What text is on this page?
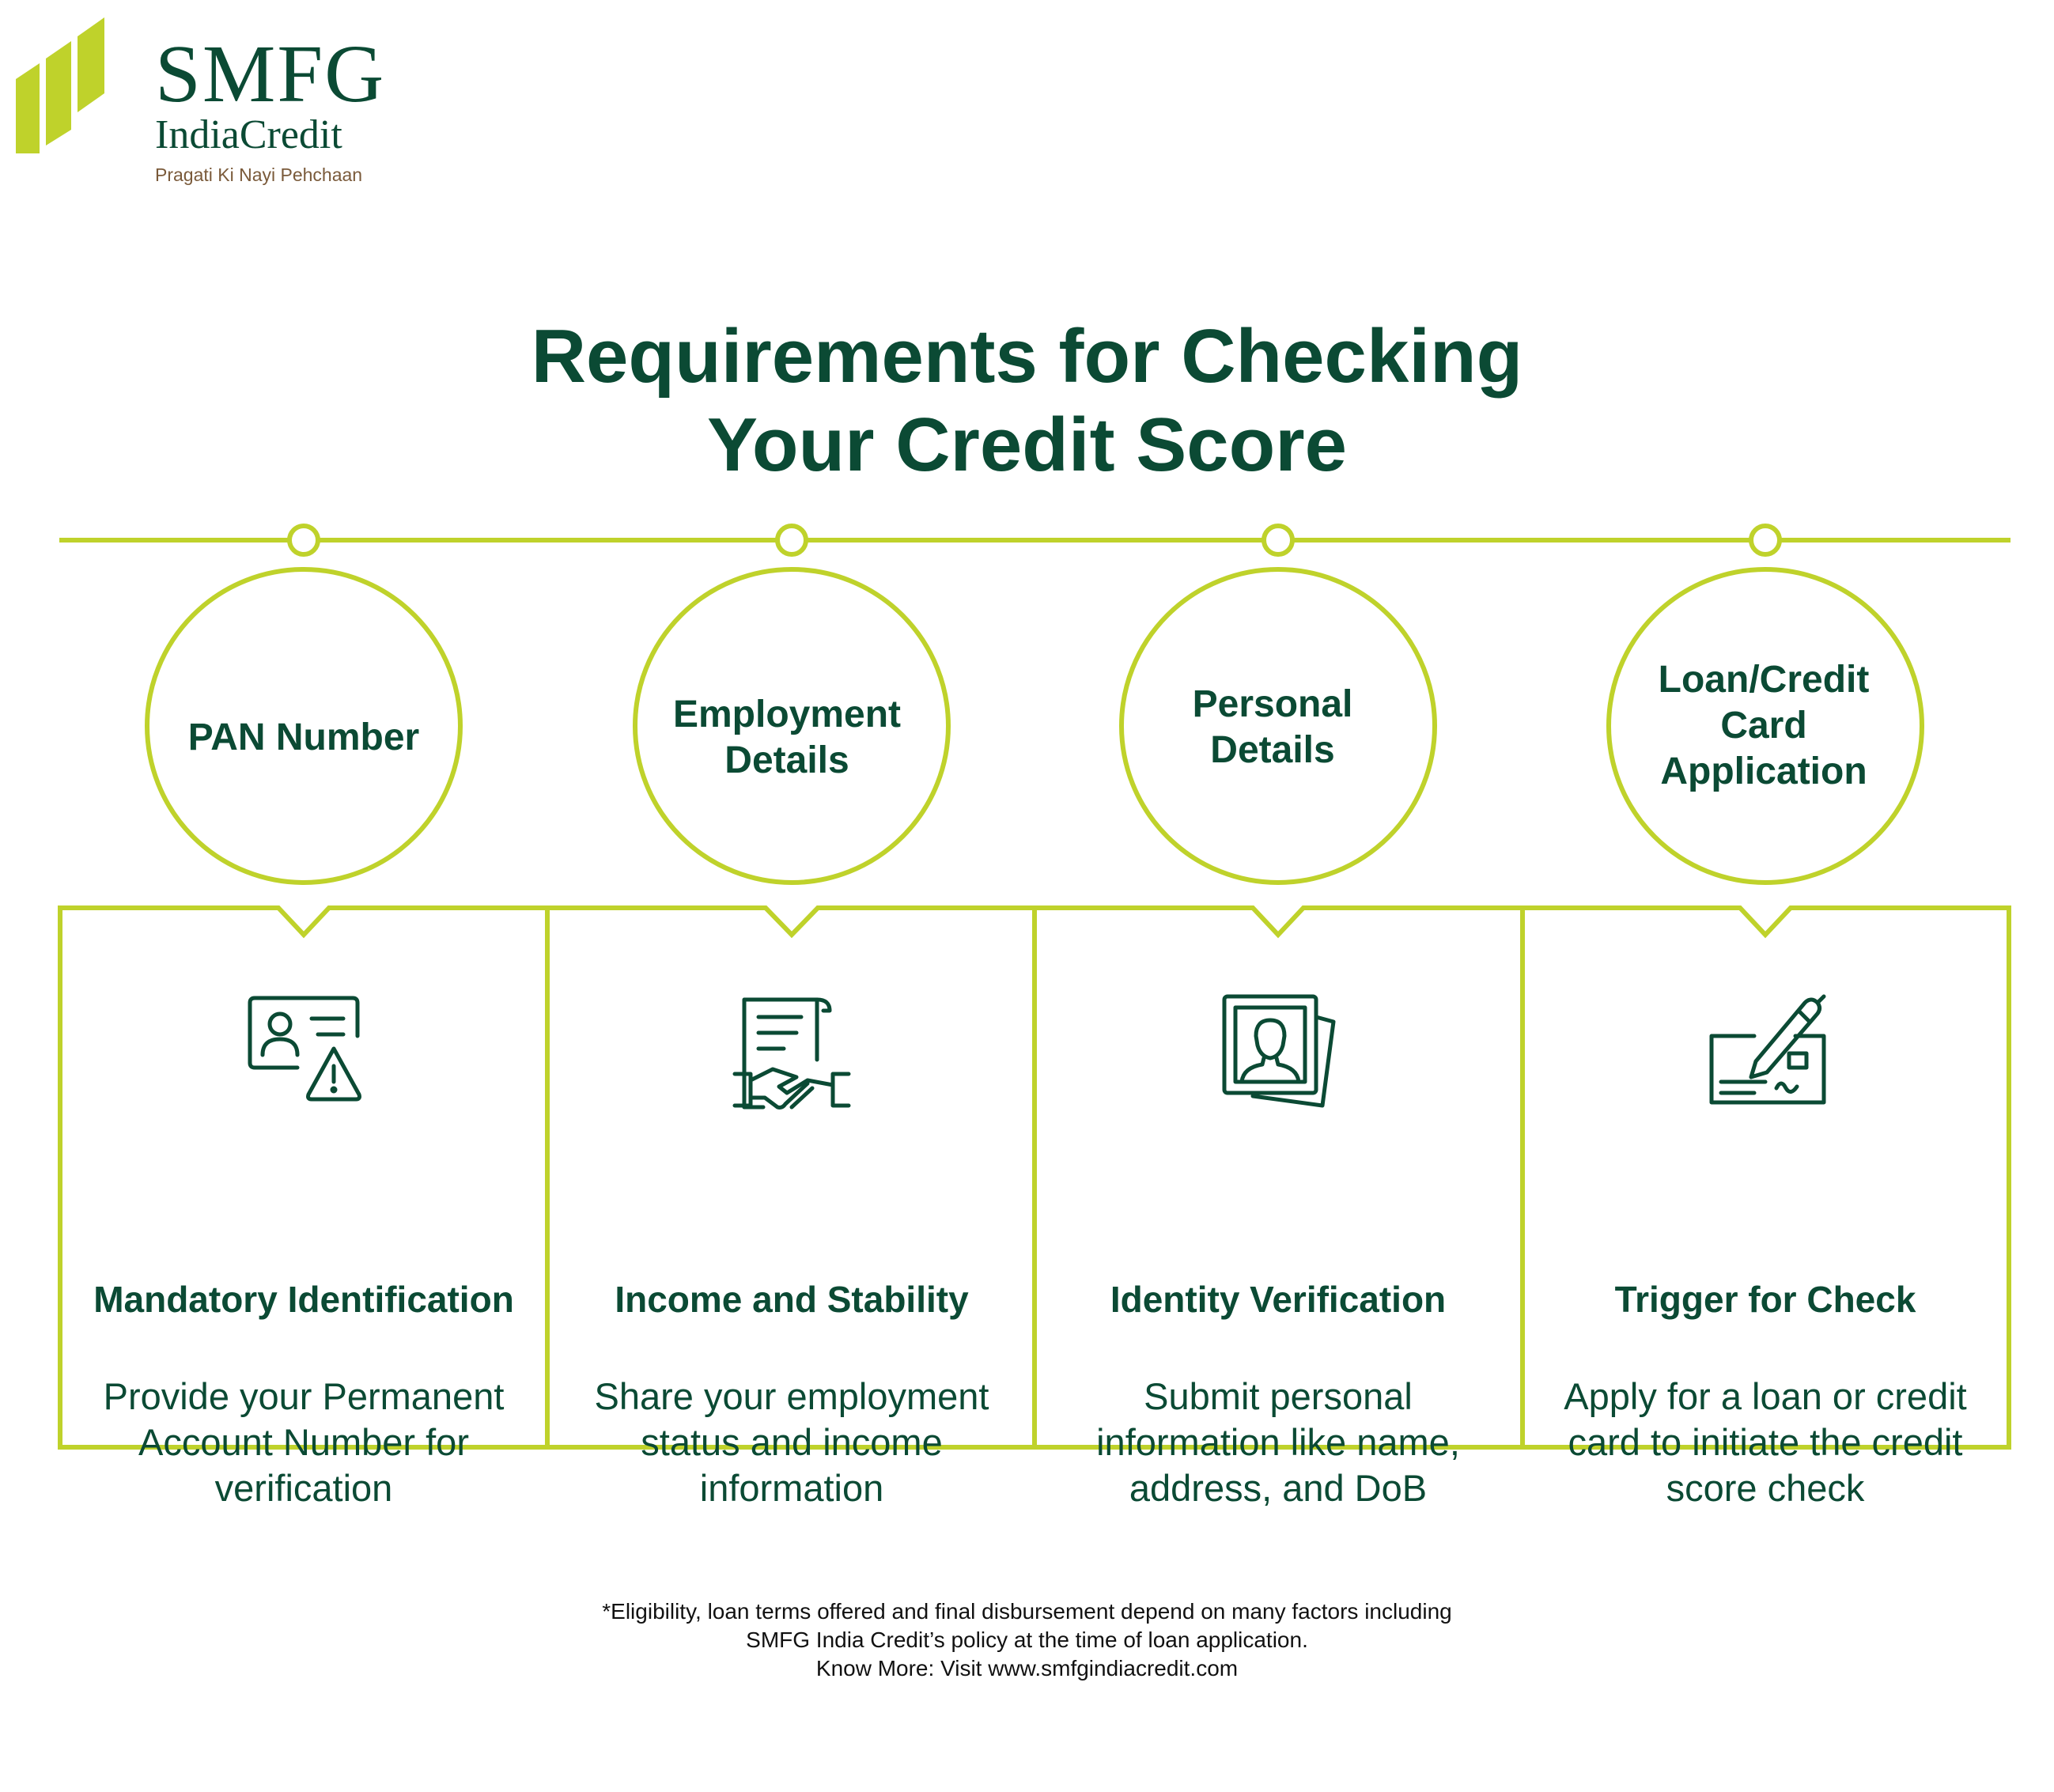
SMFG
IndiaCredit
Pragati Ki Nayi Pehchaan
Requirements for Checking
Your Credit Score
PAN Number
Employment Details
Personal Details
Loan/Credit Card Application
Mandatory Identification
Provide your Permanent Account Number for verification
Income and Stability
Share your employment status and income information
Identity Verification
Submit personal information like name, address, and DoB
Trigger for Check
Apply for a loan or credit card to initiate the credit score check
*Eligibility, loan terms offered and final disbursement depend on many factors including
SMFG India Credit’s policy at the time of loan application.
Know More: Visit www.smfgindiacredit.com
